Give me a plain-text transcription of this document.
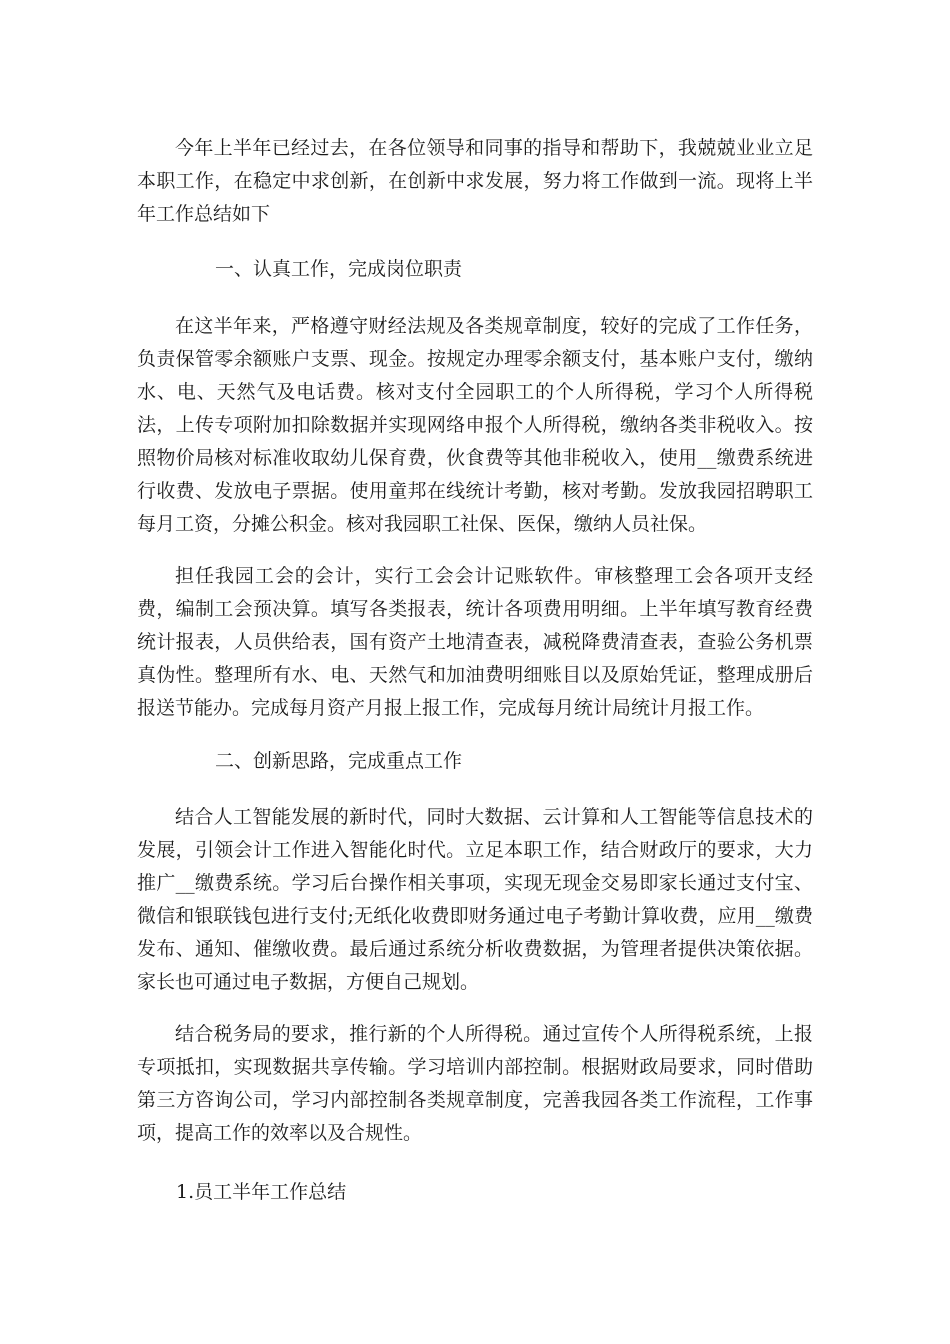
今年上半年已经过去，在各位领导和同事的指导和帮助下，我兢兢业业立足本职工作，在稳定中求创新，在创新中求发展，努力将工作做到一流。现将上半年工作总结如下

一、认真工作，完成岗位职责

在这半年来，严格遵守财经法规及各类规章制度，较好的完成了工作任务，负责保管零余额账户支票、现金。按规定办理零余额支付，基本账户支付，缴纳水、电、天然气及电话费。核对支付全园职工的个人所得税，学习个人所得税法，上传专项附加扣除数据并实现网络申报个人所得税，缴纳各类非税收入。按照物价局核对标准收取幼儿保育费，伙食费等其他非税收入，使用__缴费系统进行收费、发放电子票据。使用童邦在线统计考勤，核对考勤。发放我园招聘职工每月工资，分摊公积金。核对我园职工社保、医保，缴纳人员社保。

担任我园工会的会计，实行工会会计记账软件。审核整理工会各项开支经费，编制工会预决算。填写各类报表，统计各项费用明细。上半年填写教育经费统计报表，人员供给表，国有资产土地清查表，减税降费清查表，查验公务机票真伪性。整理所有水、电、天然气和加油费明细账目以及原始凭证，整理成册后报送节能办。完成每月资产月报上报工作，完成每月统计局统计月报工作。

二、创新思路，完成重点工作

结合人工智能发展的新时代，同时大数据、云计算和人工智能等信息技术的发展，引领会计工作进入智能化时代。立足本职工作，结合财政厅的要求，大力推广__缴费系统。学习后台操作相关事项，实现无现金交易即家长通过支付宝、微信和银联钱包进行支付;无纸化收费即财务通过电子考勤计算收费，应用__缴费发布、通知、催缴收费。最后通过系统分析收费数据，为管理者提供决策依据。家长也可通过电子数据，方便自己规划。

结合税务局的要求，推行新的个人所得税。通过宣传个人所得税系统，上报专项抵扣，实现数据共享传输。学习培训内部控制。根据财政局要求，同时借助第三方咨询公司，学习内部控制各类规章制度，完善我园各类工作流程，工作事项，提高工作的效率以及合规性。

1.员工半年工作总结
